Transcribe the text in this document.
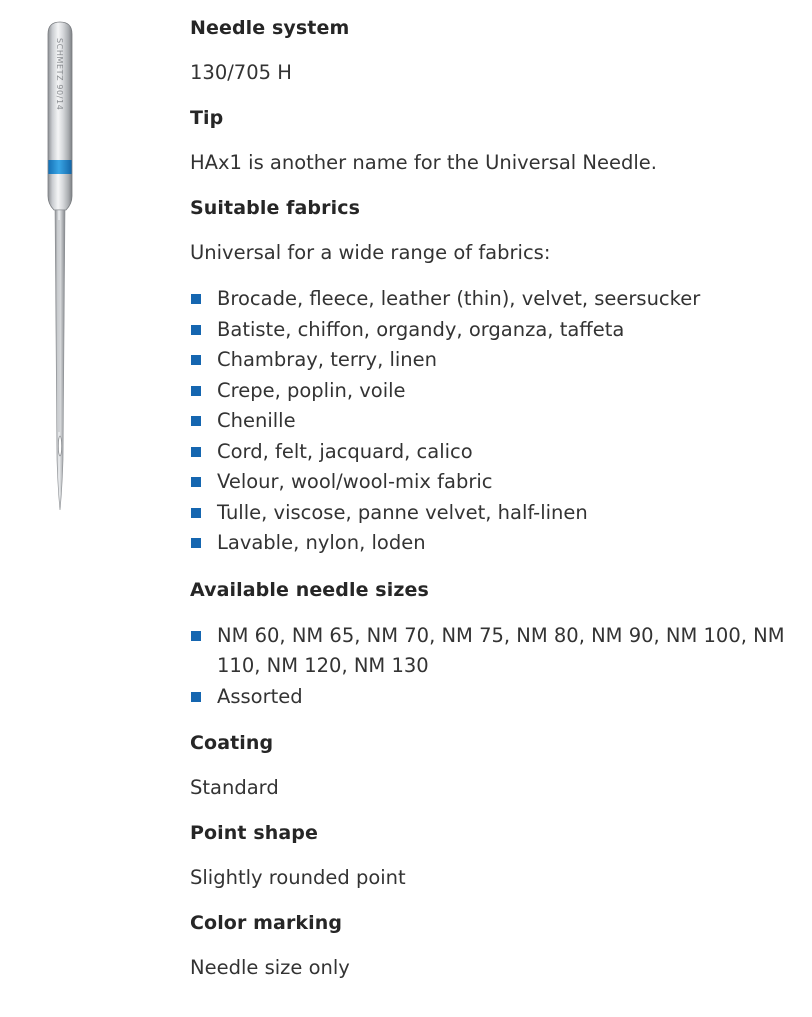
SCHMETZ 90/14
Needle system
130/705 H
Tip
HAx1 is another name for the Universal Needle.
Suitable fabrics
Universal for a wide range of fabrics:
Brocade, fleece, leather (thin), velvet, seersucker
Batiste, chiffon, organdy, organza, taffeta
Chambray, terry, linen
Crepe, poplin, voile
Chenille
Cord, felt, jacquard, calico
Velour, wool/wool-mix fabric
Tulle, viscose, panne velvet, half-linen
Lavable, nylon, loden
Available needle sizes
NM 60, NM 65, NM 70, NM 75, NM 80, NM 90, NM 100, NM 110, NM 120, NM 130
Assorted
Coating
Standard
Point shape
Slightly rounded point
Color marking
Needle size only
